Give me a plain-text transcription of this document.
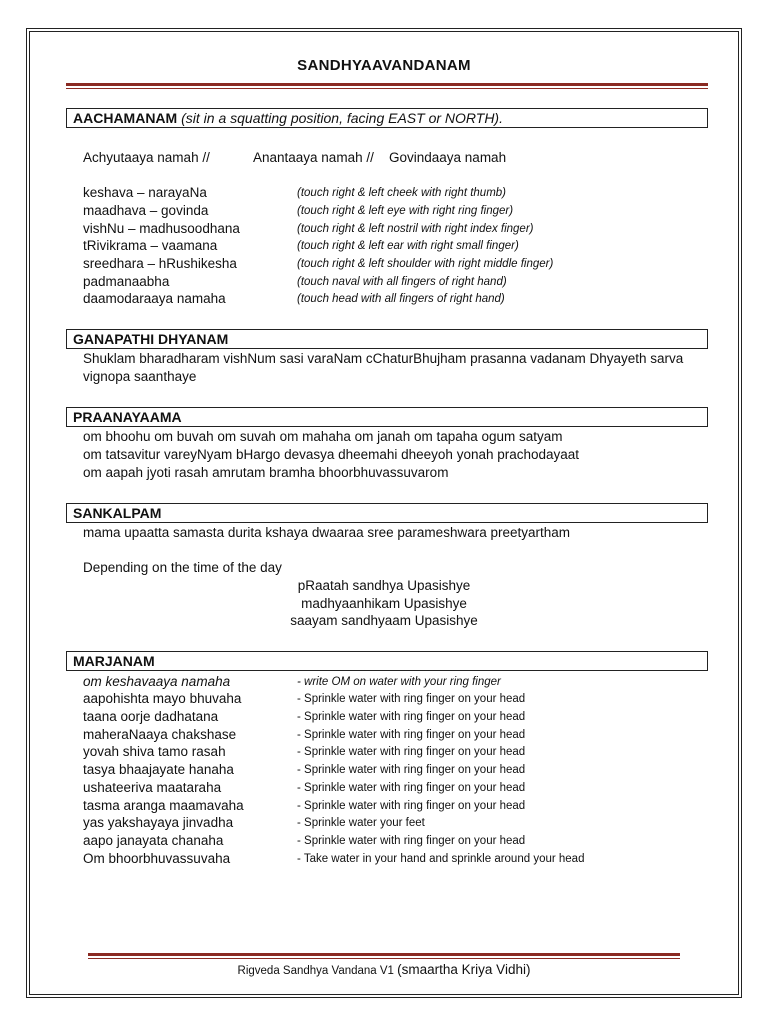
SANDHYAAVANDANAM
AACHAMANAM (sit in a squatting position, facing EAST or NORTH).
Achyutaaya namah //	Anantaaya namah // Govindaaya namah
keshava – narayaNa	(touch right & left cheek with right thumb)
maadhava – govinda	(touch right & left eye with right ring finger)
vishNu – madhusoodhana	(touch right & left nostril with right index finger)
tRivikrama – vaamana	(touch right & left ear with right small finger)
sreedhara – hRushikesha	(touch right & left shoulder with right middle finger)
padmanaabha	(touch naval with all fingers of right hand)
daamodaraaya namaha	(touch head with all fingers of right hand)
GANAPATHI DHYANAM
Shuklam bharadharam vishNum sasi varaNam cChaturBhujham prasanna vadanam Dhyayeth sarva
vignopa saanthaye
PRAANAYAAMA
om bhoohu om buvah om suvah om mahaha om janah om tapaha ogum satyam
om tatsavitur vareyNyam bHargo devasya dheemahi dheeyoh yonah prachodayaat
om aapah jyoti rasah amrutam bramha bhoorbhuvassuvarom
SANKALPAM
mama upaatta samasta durita kshaya dwaaraa sree parameshwara preetyartham
Depending on the time of the day
pRaatah sandhya Upasishye
madhyaanhikam Upasishye
saayam sandhyaam Upasishye
MARJANAM
om keshavaaya namaha	- write OM on water with your ring finger
aapohishta mayo bhuvaha	- Sprinkle water with ring finger on your head
taana oorje dadhatana	- Sprinkle water with ring finger on your head
maheraNaaya chakshase	- Sprinkle water with ring finger on your head
yovah shiva tamo rasah	- Sprinkle water with ring finger on your head
tasya bhaajayate hanaha	- Sprinkle water with ring finger on your head
ushateeriva maataraha	- Sprinkle water with ring finger on your head
tasma aranga maamavaha	- Sprinkle water with ring finger on your head
yas yakshayaya jinvadha	- Sprinkle water your feet
aapo janayata chanaha	- Sprinkle water with ring finger on your head
Om bhoorbhuvassuvaha	- Take water in your hand and sprinkle around your head
Rigveda Sandhya Vandana V1 (smaartha Kriya Vidhi)
